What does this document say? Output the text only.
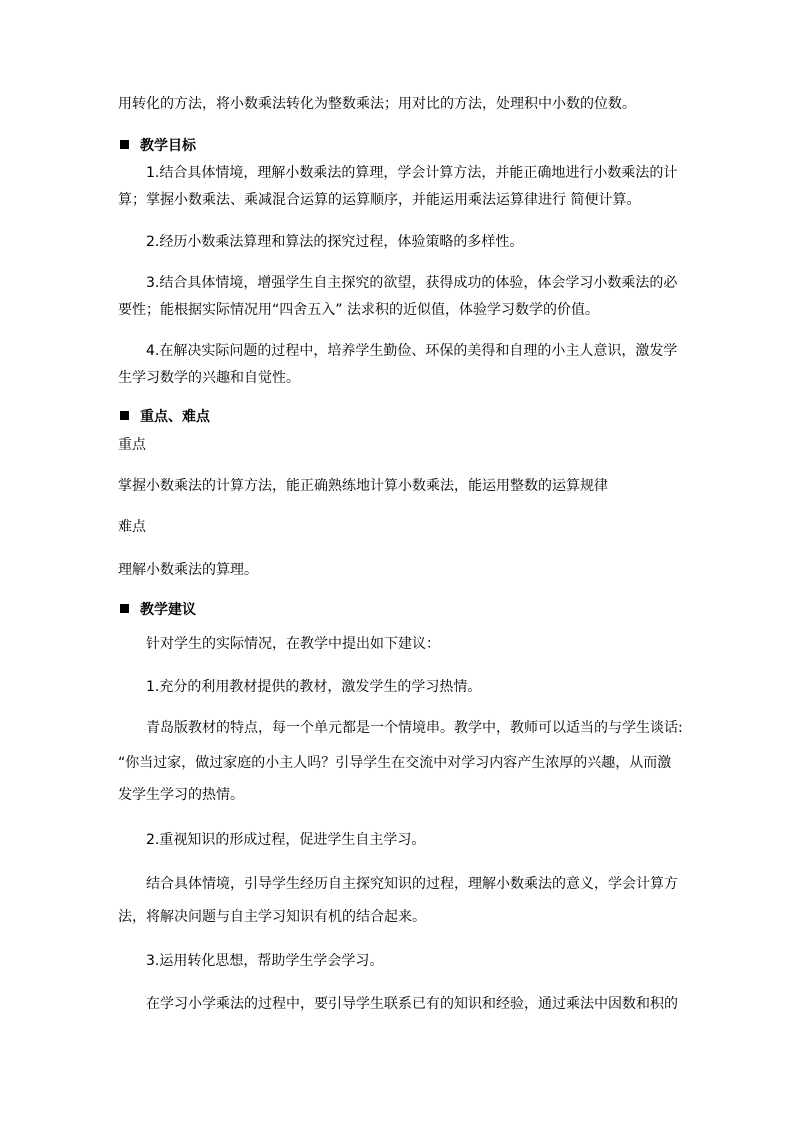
用转化的方法，将小数乘法转化为整数乘法；用对比的方法，处理积中小数的位数。
教学目标
1.结合具体情境，理解小数乘法的算理，学会计算方法，并能正确地进行小数乘法的计
算；掌握小数乘法、乘减混合运算的运算顺序，并能运用乘法运算律进行 简便计算。
2.经历小数乘法算理和算法的探究过程，体验策略的多样性。
3.结合具体情境，增强学生自主探究的欲望，获得成功的体验，体会学习小数乘法的必
要性；能根据实际情况用“四舍五入” 法求积的近似值，体验学习数学的价值。
4.在解决实际问题的过程中，培养学生勤俭、环保的美得和自理的小主人意识，激发学
生学习数学的兴趣和自觉性。
重点、难点
重点
掌握小数乘法的计算方法，能正确熟练地计算小数乘法，能运用整数的运算规律
难点
理解小数乘法的算理。
教学建议
针对学生的实际情况，在教学中提出如下建议：
1.充分的利用教材提供的教材，激发学生的学习热情。
青岛版教材的特点，每一个单元都是一个情境串。教学中，教师可以适当的与学生谈话:
“你当过家，做过家庭的小主人吗？引导学生在交流中对学习内容产生浓厚的兴趣，从而激
发学生学习的热情。
2.重视知识的形成过程，促进学生自主学习。
结合具体情境，引导学生经历自主探究知识的过程，理解小数乘法的意义，学会计算方
法，将解决问题与自主学习知识有机的结合起来。
3.运用转化思想，帮助学生学会学习。
在学习小学乘法的过程中，要引导学生联系已有的知识和经验，通过乘法中因数和积的
